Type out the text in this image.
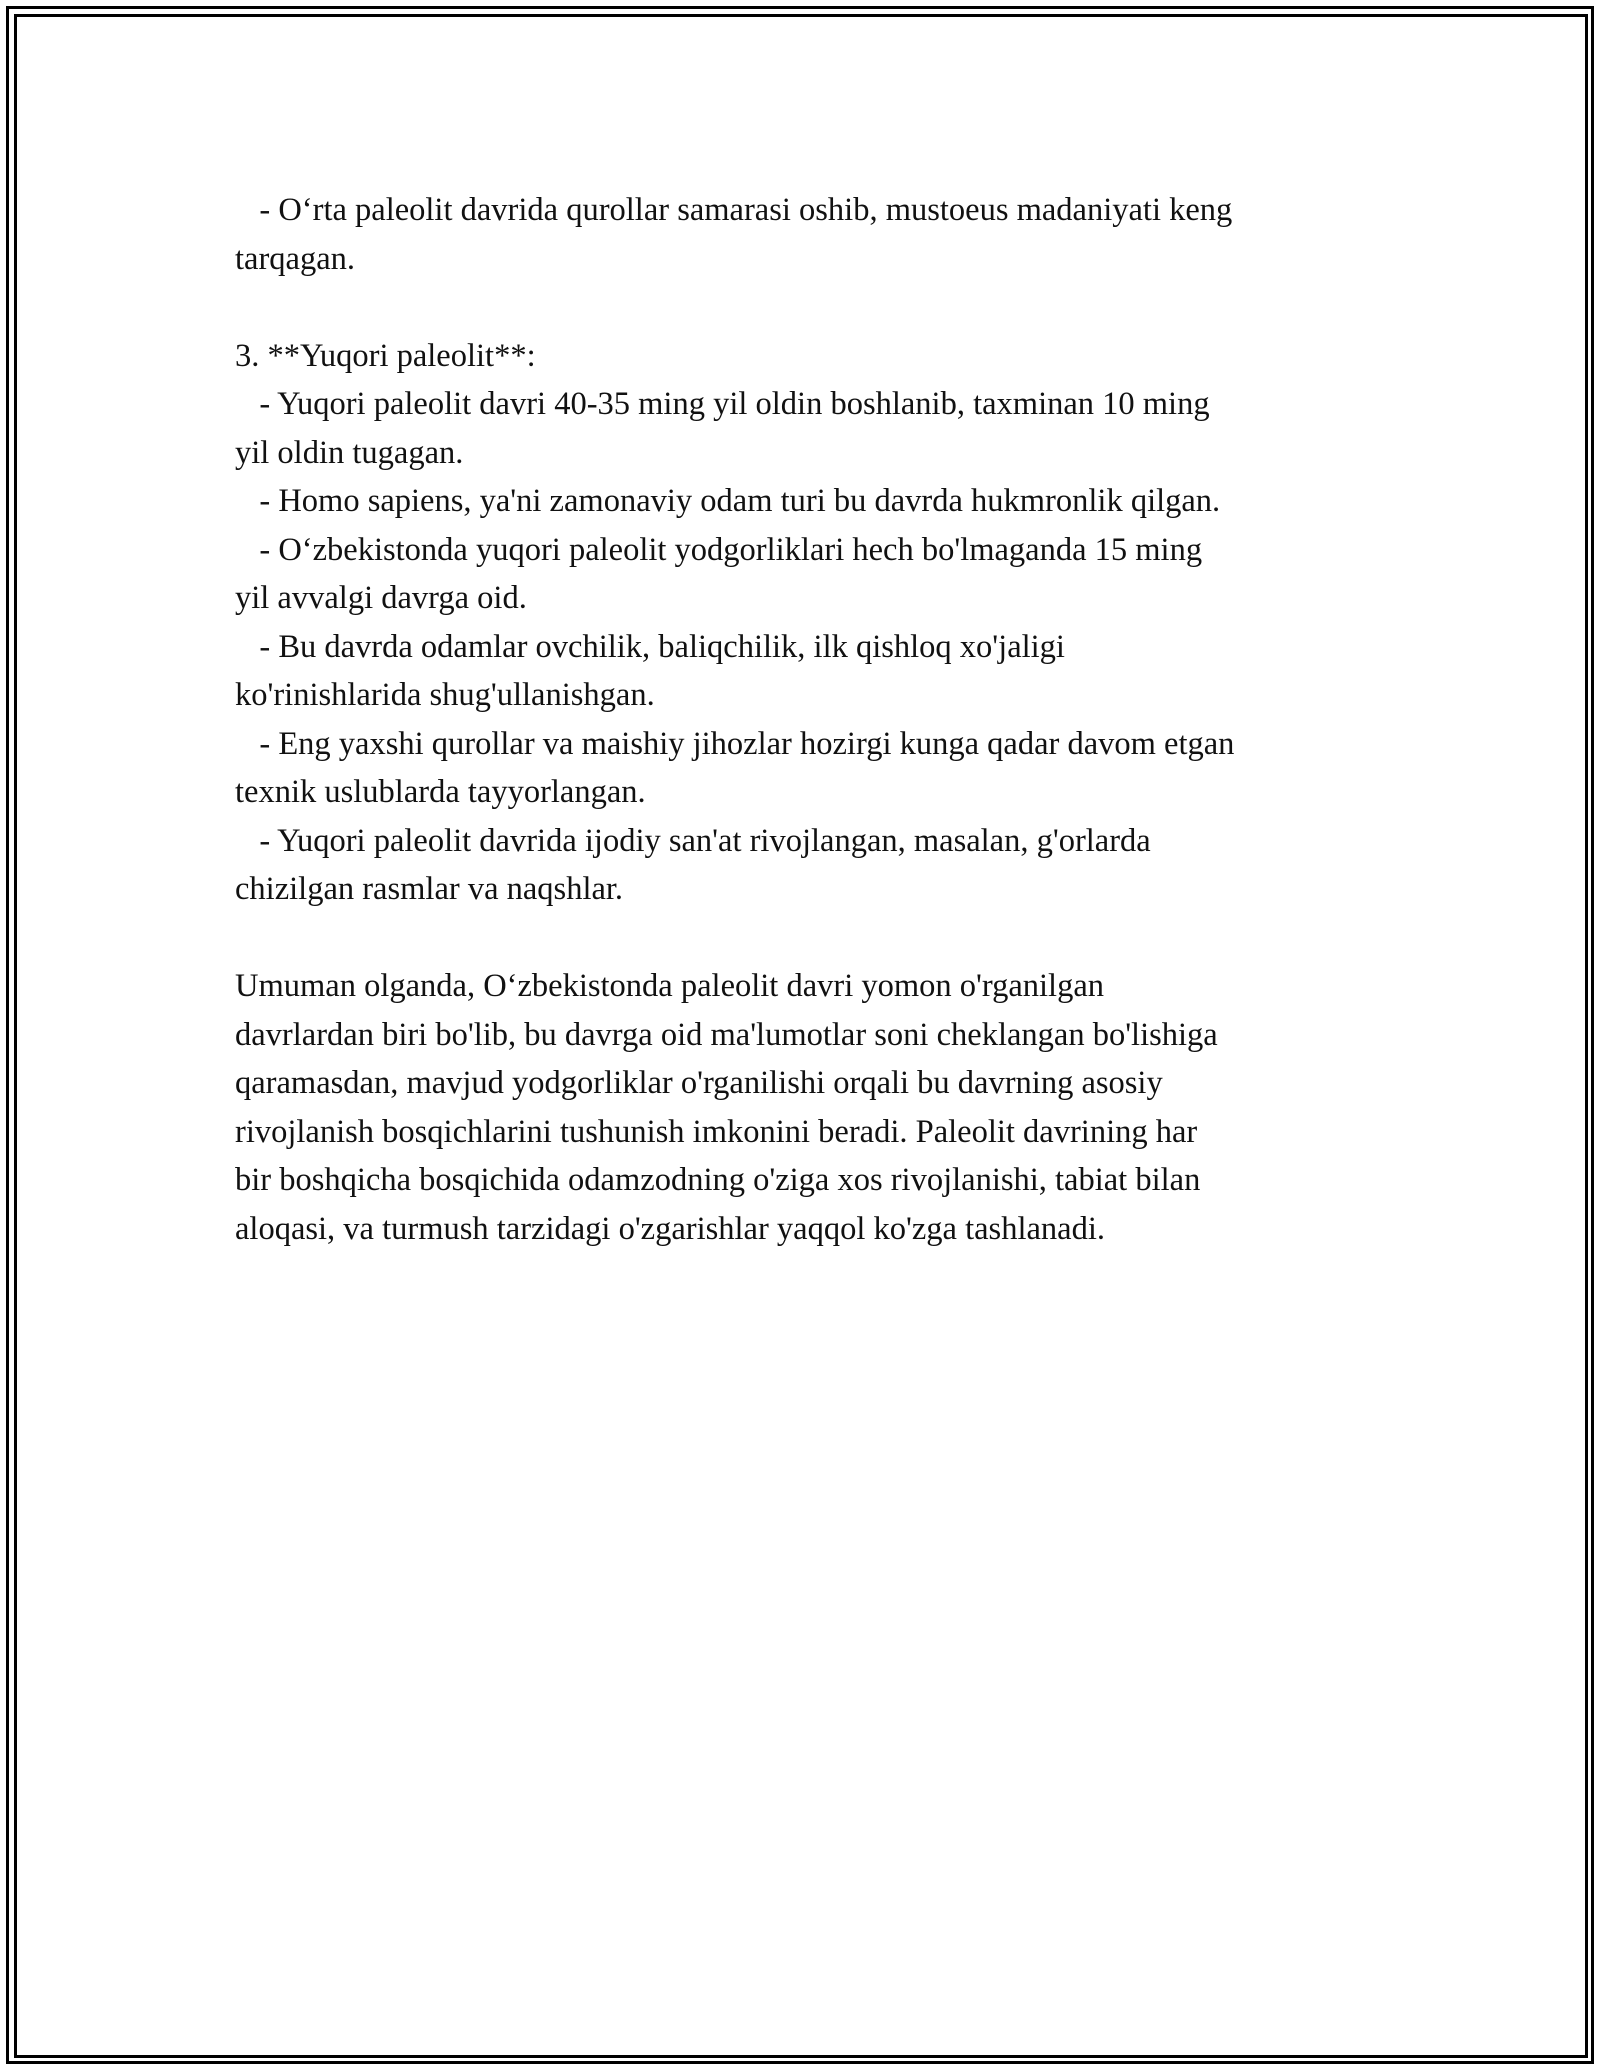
- O‘rta paleolit davrida qurollar samarasi oshib, mustoeus madaniyati keng
tarqagan.
3. **Yuqori paleolit**:
- Yuqori paleolit davri 40-35 ming yil oldin boshlanib, taxminan 10 ming
yil oldin tugagan.
- Homo sapiens, ya'ni zamonaviy odam turi bu davrda hukmronlik qilgan.
- O‘zbekistonda yuqori paleolit yodgorliklari hech bo'lmaganda 15 ming
yil avvalgi davrga oid.
- Bu davrda odamlar ovchilik, baliqchilik, ilk qishloq xo'jaligi
ko'rinishlarida shug'ullanishgan.
- Eng yaxshi qurollar va maishiy jihozlar hozirgi kunga qadar davom etgan
texnik uslublarda tayyorlangan.
- Yuqori paleolit davrida ijodiy san'at rivojlangan, masalan, g'orlarda
chizilgan rasmlar va naqshlar.
Umuman olganda, O‘zbekistonda paleolit davri yomon o'rganilgan
davrlardan biri bo'lib, bu davrga oid ma'lumotlar soni cheklangan bo'lishiga
qaramasdan, mavjud yodgorliklar o'rganilishi orqali bu davrning asosiy
rivojlanish bosqichlarini tushunish imkonini beradi. Paleolit davrining har
bir boshqicha bosqichida odamzodning o'ziga xos rivojlanishi, tabiat bilan
aloqasi, va turmush tarzidagi o'zgarishlar yaqqol ko'zga tashlanadi.
